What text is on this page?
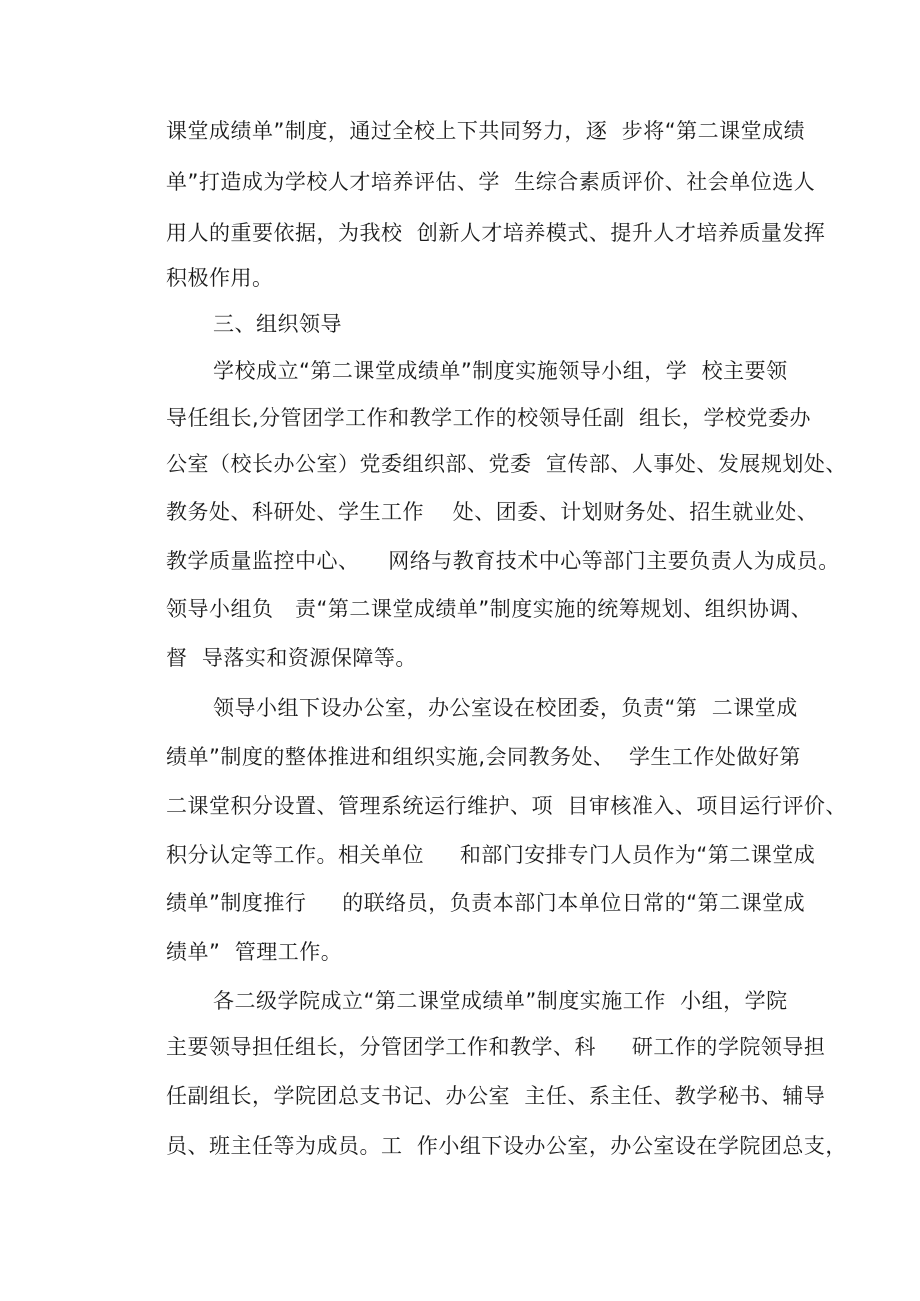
课堂成绩单”制度，通过全校上下共同努力，逐  步将“第二课堂成绩
单”打造成为学校人才培养评估、学  生综合素质评价、社会单位选人
用人的重要依据，为我校  创新人才培养模式、提升人才培养质量发挥
积极作用。
三、组织领导
学校成立“第二课堂成绩单”制度实施领导小组，学  校主要领
导任组长,分管团学工作和教学工作的校领导任副  组长，学校党委办
公室（校长办公室）党委组织部、党委  宣传部、人事处、发展规划处、
教务处、科研处、学生工作    处、团委、计划财务处、招生就业处、
教学质量监控中心、    网络与教育技术中心等部门主要负责人为成员。
领导小组负   责“第二课堂成绩单”制度实施的统筹规划、组织协调、
督  导落实和资源保障等。
领导小组下设办公室，办公室设在校团委，负责“第  二课堂成
绩单”制度的整体推进和组织实施,会同教务处、  学生工作处做好第
二课堂积分设置、管理系统运行维护、项  目审核准入、项目运行评价、
积分认定等工作。相关单位     和部门安排专门人员作为“第二课堂成
绩单”制度推行     的联络员，负责本部门本单位日常的“第二课堂成
绩单”  管理工作。
各二级学院成立“第二课堂成绩单”制度实施工作  小组，学院
主要领导担任组长，分管团学工作和教学、科     研工作的学院领导担
任副组长，学院团总支书记、办公室  主任、系主任、教学秘书、辅导
员、班主任等为成员。工  作小组下设办公室，办公室设在学院团总支，
